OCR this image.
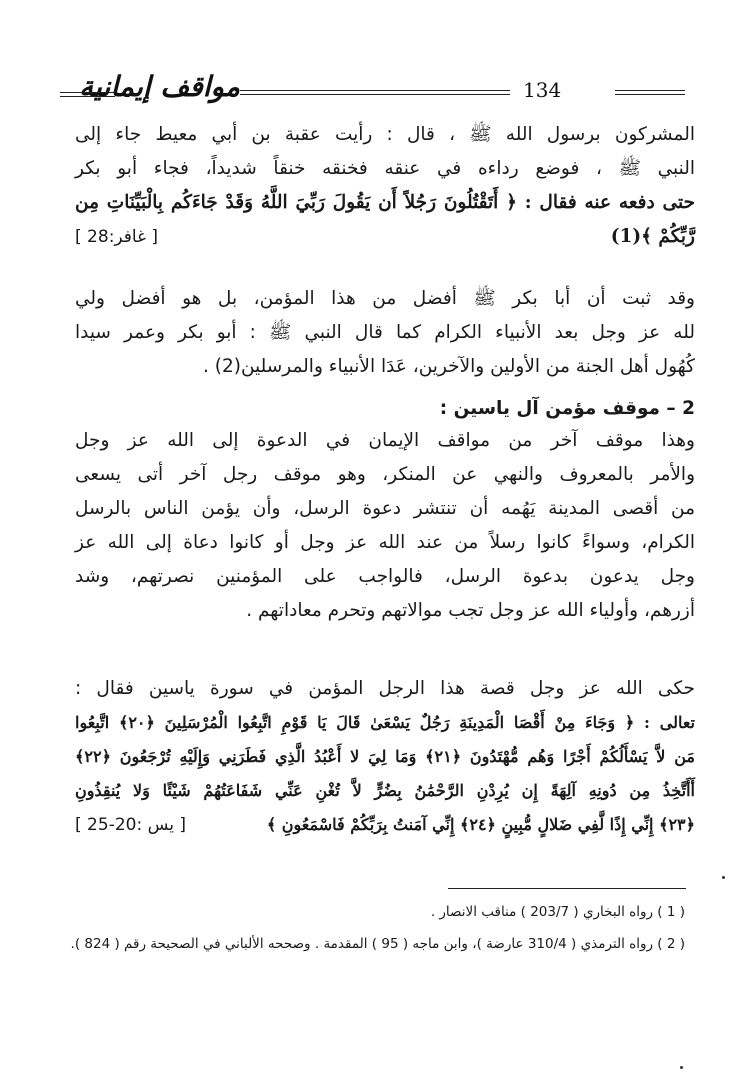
134
مواقف إيمانية
المشركون برسول الله ﷺ ، قال : رأيت عقبة بن أبي معيط جاء إلى
النبي ﷺ ، فوضع رداءه في عنقه فخنقه خنقاً شديداً، فجاء أبو بكر
حتى دفعه عنه فقال : ﴿ أَتَقْتُلُونَ رَجُلاً أَن يَقُولَ رَبِّيَ اللَّهُ وَقَدْ جَاءَكُم بِالْبَيِّنَاتِ مِن
رَّبِّكُمْ ﴾(1)
[ غافر:28 ]
وقد ثبت أن أبا بكر ﷺ أفضل من هذا المؤمن، بل هو أفضل ولي
لله عز وجل بعد الأنبياء الكرام كما قال النبي ﷺ : أبو بكر وعمر سيدا
كُهُول أهل الجنة من الأولين والآخرين، عَدَا الأنبياء والمرسلين(2) .
2 – موقف مؤمن آل ياسين :
وهذا موقف آخر من مواقف الإيمان في الدعوة إلى الله عز وجل
والأمر بالمعروف والنهي عن المنكر، وهو موقف رجل آخر أتى يسعى
من أقصى المدينة يَهُمه أن تنتشر دعوة الرسل، وأن يؤمن الناس بالرسل
الكرام، وسواءً كانوا رسلاً من عند الله عز وجل أو كانوا دعاة إلى الله عز
وجل يدعون بدعوة الرسل، فالواجب على المؤمنين نصرتهم، وشد
أزرهم، وأولياء الله عز وجل تجب موالاتهم وتحرم معاداتهم .
حكى الله عز وجل قصة هذا الرجل المؤمن في سورة ياسين فقال :
تعالى : ﴿ وَجَاءَ مِنْ أَقْصَا الْمَدِينَةِ رَجُلٌ يَسْعَىٰ قَالَ يَا قَوْمِ اتَّبِعُوا الْمُرْسَلِينَ ﴿٢٠﴾ اتَّبِعُوا
مَن لاَّ يَسْأَلُكُمْ أَجْرًا وَهُم مُّهْتَدُونَ ﴿٢١﴾ وَمَا لِيَ لا أَعْبُدُ الَّذِي فَطَرَنِي وَإِلَيْهِ تُرْجَعُونَ ﴿٢٢﴾
أَأَتَّخِذُ مِن دُونِهِ آلِهَةً إِن يُرِدْنِ الرَّحْمَٰنُ بِضُرٍّ لاَّ تُغْنِ عَنِّي شَفَاعَتُهُمْ شَيْئًا وَلا يُنقِذُونِ
﴿٢٣﴾ إِنِّي إِذًا لَّفِي ضَلالٍ مُّبِينٍ ﴿٢٤﴾ إِنِّي آمَنتُ بِرَبِّكُمْ فَاسْمَعُونِ ﴾
[ يس :20-25 ]
( 1 ) رواه البخاري ( 203/7 ) مناقب الانصار .
( 2 ) رواه الترمذي ( 310/4 عارضة )، وابن ماجه ( 95 ) المقدمة . وصححه الألباني في الصحيحة رقم ( 824 ).
